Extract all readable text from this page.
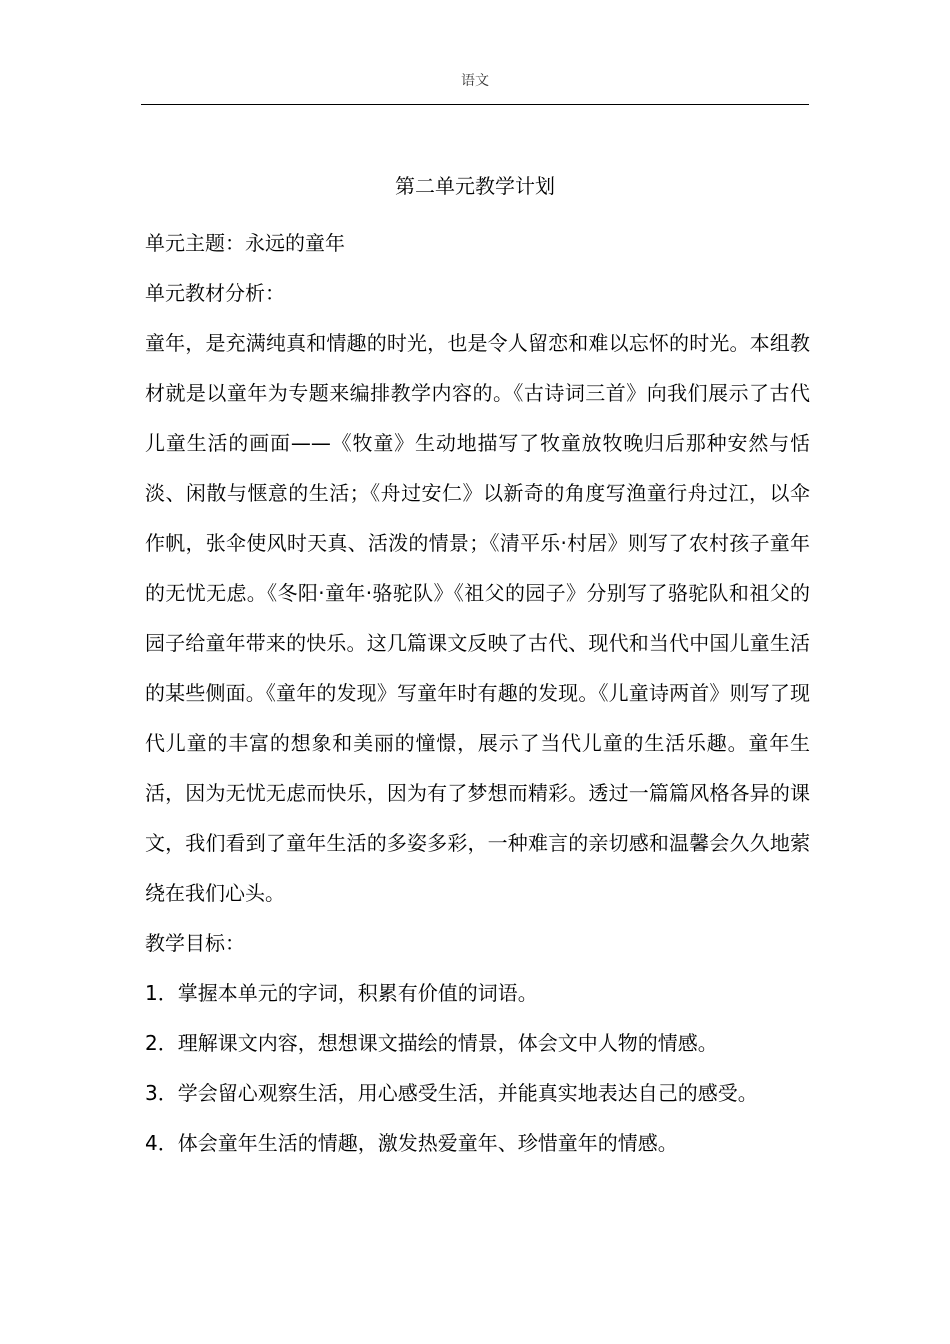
语文
第二单元教学计划

单元主题：永远的童年

单元教材分析：

童年，是充满纯真和情趣的时光，也是令人留恋和难以忘怀的时光。本组教材就是以童年为专题来编排教学内容的。《古诗词三首》向我们展示了古代儿童生活的画面——《牧童》生动地描写了牧童放牧晚归后那种安然与恬淡、闲散与惬意的生活；《舟过安仁》以新奇的角度写渔童行舟过江，以伞作帆，张伞使风时天真、活泼的情景；《清平乐·村居》则写了农村孩子童年的无忧无虑。《冬阳·童年·骆驼队》《祖父的园子》分别写了骆驼队和祖父的园子给童年带来的快乐。这几篇课文反映了古代、现代和当代中国儿童生活的某些侧面。《童年的发现》写童年时有趣的发现。《儿童诗两首》则写了现代儿童的丰富的想象和美丽的憧憬，展示了当代儿童的生活乐趣。童年生活，因为无忧无虑而快乐，因为有了梦想而精彩。透过一篇篇风格各异的课文，我们看到了童年生活的多姿多彩，一种难言的亲切感和温馨会久久地萦绕在我们心头。

教学目标：

1．掌握本单元的字词，积累有价值的词语。

2．理解课文内容，想想课文描绘的情景，体会文中人物的情感。

3．学会留心观察生活，用心感受生活，并能真实地表达自己的感受。

4．体会童年生活的情趣，激发热爱童年、珍惜童年的情感。
